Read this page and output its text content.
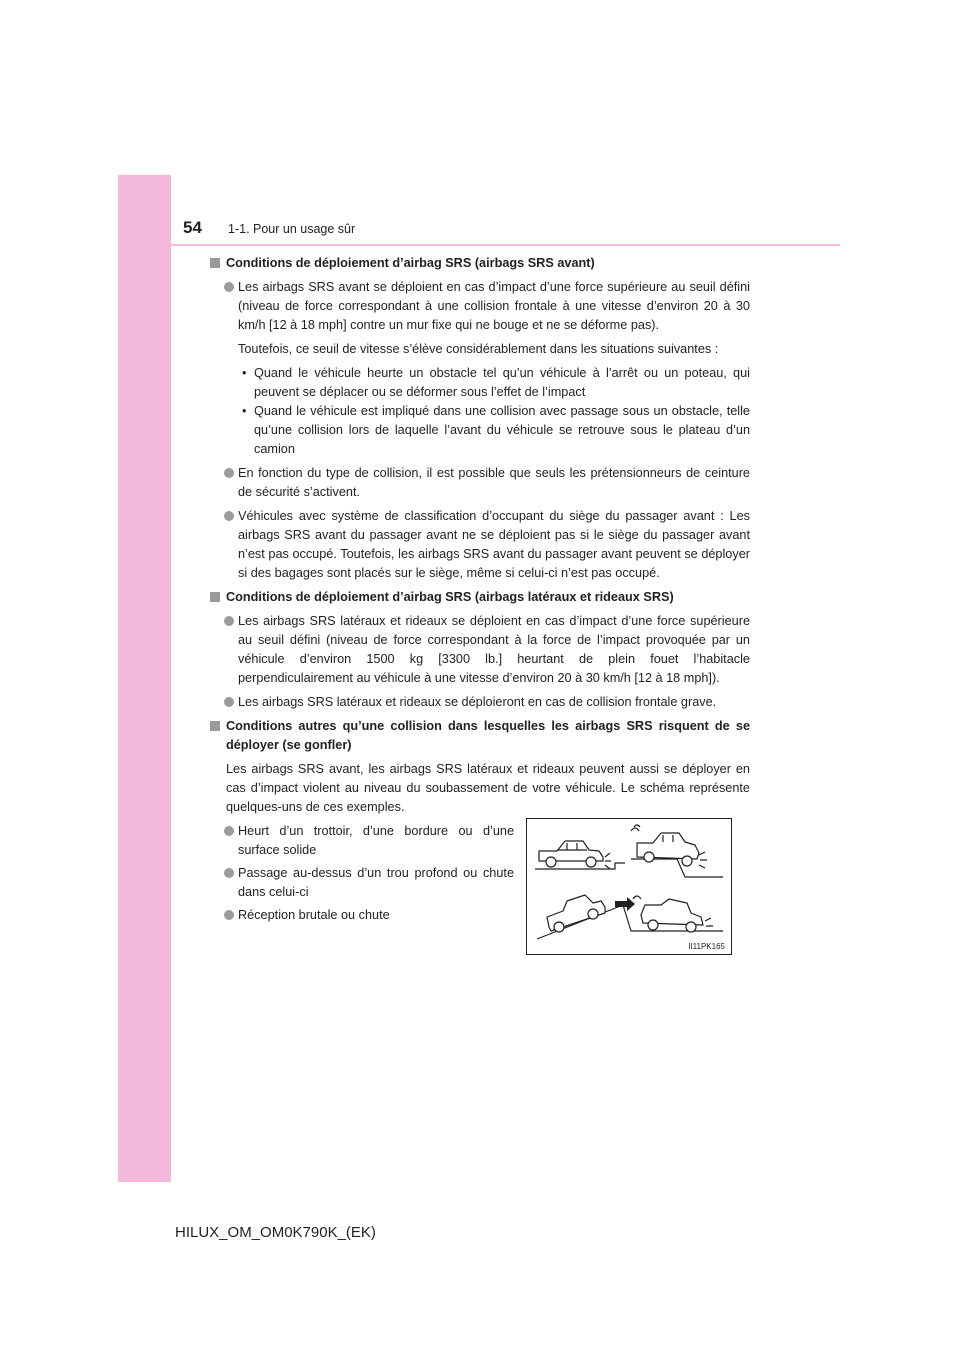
54 1-1. Pour un usage sûr
Conditions de déploiement d’airbag SRS (airbags SRS avant)
Les airbags SRS avant se déploient en cas d’impact d’une force supérieure au seuil défini (niveau de force correspondant à une collision frontale à une vitesse d’environ 20 à 30 km/h [12 à 18 mph] contre un mur fixe qui ne bouge et ne se déforme pas).
Toutefois, ce seuil de vitesse s’élève considérablement dans les situations suivantes :
• Quand le véhicule heurte un obstacle tel qu’un véhicule à l’arrêt ou un poteau, qui peuvent se déplacer ou se déformer sous l’effet de l’impact
• Quand le véhicule est impliqué dans une collision avec passage sous un obstacle, telle qu’une collision lors de laquelle l’avant du véhicule se retrouve sous le plateau d’un camion
En fonction du type de collision, il est possible que seuls les prétensionneurs de ceinture de sécurité s’activent.
Véhicules avec système de classification d’occupant du siège du passager avant : Les airbags SRS avant du passager avant ne se déploient pas si le siège du passager avant n’est pas occupé. Toutefois, les airbags SRS avant du passager avant peuvent se déployer si des bagages sont placés sur le siège, même si celui-ci n’est pas occupé.
Conditions de déploiement d’airbag SRS (airbags latéraux et rideaux SRS)
Les airbags SRS latéraux et rideaux se déploient en cas d’impact d’une force supérieure au seuil défini (niveau de force correspondant à la force de l’impact provoquée par un véhicule d’environ 1500 kg [3300 lb.] heurtant de plein fouet l’habitacle perpendiculairement au véhicule à une vitesse d’environ 20 à 30 km/h [12 à 18 mph]).
Les airbags SRS latéraux et rideaux se déploieront en cas de collision frontale grave.
Conditions autres qu’une collision dans lesquelles les airbags SRS risquent de se déployer (se gonfler)
Les airbags SRS avant, les airbags SRS latéraux et rideaux peuvent aussi se déployer en cas d’impact violent au niveau du soubassement de votre véhicule. Le schéma représente quelques-uns de ces exemples.
Heurt d’un trottoir, d’une bordure ou d’une surface solide
Passage au-dessus d’un trou profond ou chute dans celui-ci
Réception brutale ou chute
II11PK165
HILUX_OM_OM0K790K_(EK)
